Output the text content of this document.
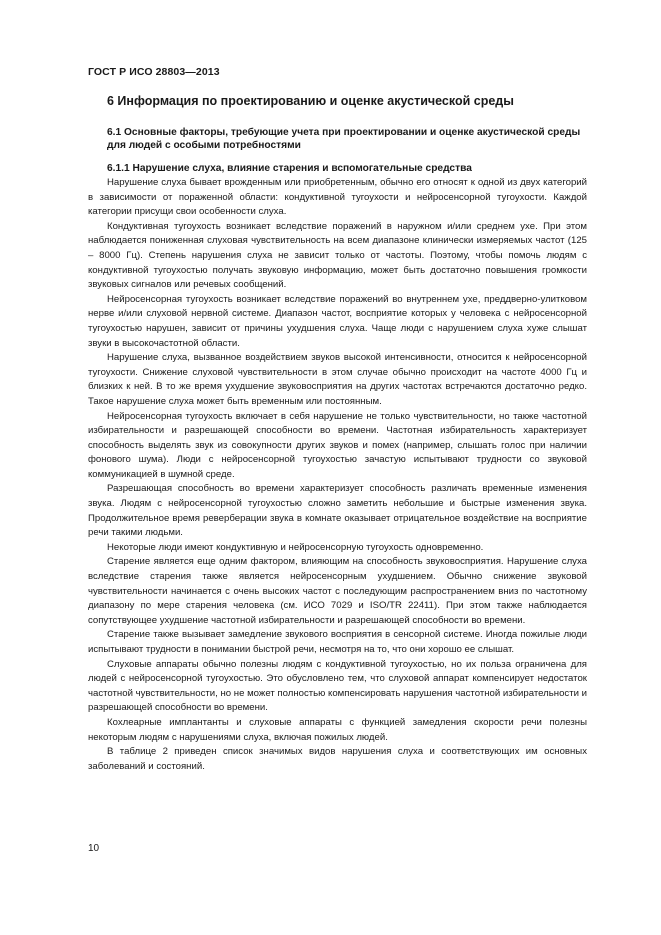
ГОСТ Р ИСО 28803—2013
6 Информация по проектированию и оценке акустической среды
6.1 Основные факторы, требующие учета при проектировании и оценке акустической среды для людей с особыми потребностями
6.1.1 Нарушение слуха, влияние старения и вспомогательные средства

Нарушение слуха бывает врожденным или приобретенным, обычно его относят к одной из двух категорий в зависимости от пораженной области: кондуктивной тугоухости и нейросенсорной тугоухости. Каждой категории присущи свои особенности слуха.

Кондуктивная тугоухость возникает вследствие поражений в наружном и/или среднем ухе. При этом наблюдается пониженная слуховая чувствительность на всем диапазоне клинически измеряемых частот (125 – 8000 Гц). Степень нарушения слуха не зависит только от частоты. Поэтому, чтобы помочь людям с кондуктивной тугоухостью получать звуковую информацию, может быть достаточно повышения громкости звуковых сигналов или речевых сообщений.

Нейросенсорная тугоухость возникает вследствие поражений во внутреннем ухе, преддверно-улитковом нерве и/или слуховой нервной системе. Диапазон частот, восприятие которых у человека с нейросенсорной тугоухостью нарушен, зависит от причины ухудшения слуха. Чаще люди с нарушением слуха хуже слышат звуки в высокочастотной области.

Нарушение слуха, вызванное воздействием звуков высокой интенсивности, относится к нейросенсорной тугоухости. Снижение слуховой чувствительности в этом случае обычно происходит на частоте 4000 Гц и близких к ней. В то же время ухудшение звуковосприятия на других частотах встречаются достаточно редко. Такое нарушение слуха может быть временным или постоянным.

Нейросенсорная тугоухость включает в себя нарушение не только чувствительности, но также частотной избирательности и разрешающей способности во времени. Частотная избирательность характеризует способность выделять звук из совокупности других звуков и помех (например, слышать голос при наличии фонового шума). Люди с нейросенсорной тугоухостью зачастую испытывают трудности со звуковой коммуникацией в шумной среде.

Разрешающая способность во времени характеризует способность различать временные изменения звука. Людям с нейросенсорной тугоухостью сложно заметить небольшие и быстрые изменения звука. Продолжительное время реверберации звука в комнате оказывает отрицательное воздействие на восприятие речи такими людьми.

Некоторые люди имеют кондуктивную и нейросенсорную тугоухость одновременно.

Старение является еще одним фактором, влияющим на способность звуковосприятия. Нарушение слуха вследствие старения также является нейросенсорным ухудшением. Обычно снижение звуковой чувствительности начинается с очень высоких частот с последующим распространением вниз по частотному диапазону по мере старения человека (см. ИСО 7029 и ISO/TR 22411). При этом также наблюдается сопутствующее ухудшение частотной избирательности и разрешающей способности во времени.

Старение также вызывает замедление звукового восприятия в сенсорной системе. Иногда пожилые люди испытывают трудности в понимании быстрой речи, несмотря на то, что они хорошо ее слышат.

Слуховые аппараты обычно полезны людям с кондуктивной тугоухостью, но их польза ограничена для людей с нейросенсорной тугоухостью. Это обусловлено тем, что слуховой аппарат компенсирует недостаток частотной чувствительности, но не может полностью компенсировать нарушения частотной избирательности и разрешающей способности во времени.

Кохлеарные имплантанты и слуховые аппараты с функцией замедления скорости речи полезны некоторым людям с нарушениями слуха, включая пожилых людей.

В таблице 2 приведен список значимых видов нарушения слуха и соответствующих им основных заболеваний и состояний.

10
